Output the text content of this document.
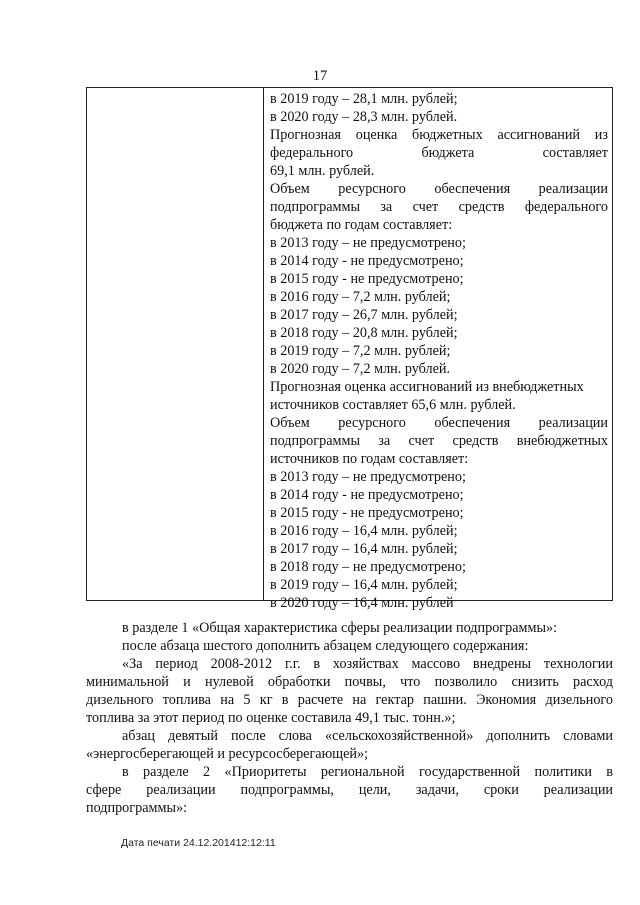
17
в 2019 году – 28,1 млн. рублей;
в 2020 году – 28,3 млн. рублей.
Прогнозная оценка бюджетных ассигнований из
федерального бюджета составляет
69,1 млн. рублей.
Объем ресурсного обеспечения реализации
подпрограммы за счет средств федерального
бюджета по годам составляет:
в 2013 году – не предусмотрено;
в 2014 году - не предусмотрено;
в 2015 году - не предусмотрено;
в 2016 году – 7,2 млн. рублей;
в 2017 году – 26,7 млн. рублей;
в 2018 году – 20,8 млн. рублей;
в 2019 году – 7,2 млн. рублей;
в 2020 году – 7,2 млн. рублей.
Прогнозная оценка ассигнований из внебюджетных
источников составляет 65,6 млн. рублей.
Объем ресурсного обеспечения реализации
подпрограммы за счет средств внебюджетных
источников по годам составляет:
в 2013 году – не предусмотрено;
в 2014 году - не предусмотрено;
в 2015 году - не предусмотрено;
в 2016 году – 16,4 млн. рублей;
в 2017 году – 16,4 млн. рублей;
в 2018 году – не предусмотрено;
в 2019 году – 16,4 млн. рублей;
в 2020 году – 16,4 млн. рублей
в разделе 1 «Общая характеристика сферы реализации подпрограммы»:
после абзаца шестого дополнить абзацем следующего содержания:
«За период 2008-2012 г.г. в хозяйствах массово внедрены технологии
минимальной и нулевой обработки почвы, что позволило снизить расход
дизельного топлива на 5 кг в расчете на гектар пашни. Экономия дизельного
топлива за этот период по оценке составила 49,1 тыс. тонн.»;
абзац девятый после слова «сельскохозяйственной» дополнить словами
«энергосберегающей и ресурсосберегающей»;
в разделе 2 «Приоритеты региональной государственной политики в
сфере реализации подпрограммы, цели, задачи, сроки реализации
подпрограммы»:
Дата печати 24.12.201412:12:11
